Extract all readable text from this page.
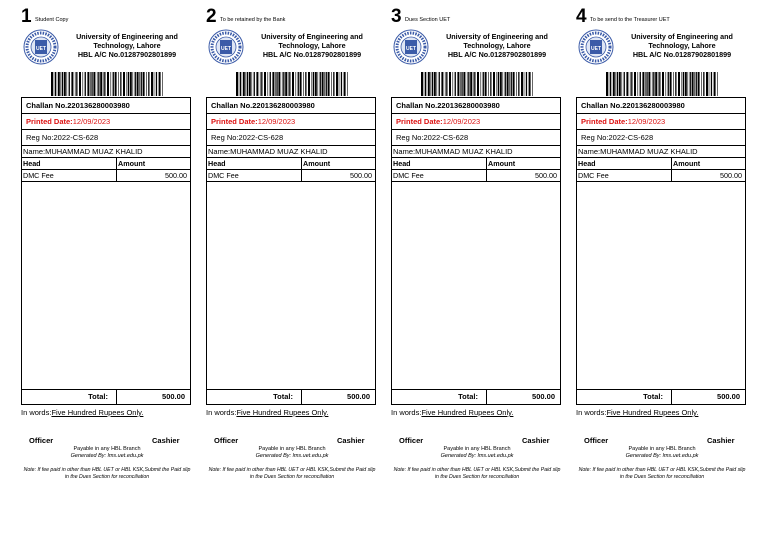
1 Student Copy
UET
University of Engineering and
Technology, Lahore
HBL A/C No.01287902801899
Challan No.220136280003980
Printed Date:12/09/2023
Reg No:2022-CS-628
Name:MUHAMMAD MUAZ KHALID
Head	Amount
DMC Fee	500.00
Total:	500.00
In words:Five Hundred Rupees Only.
Officer	Cashier
Payable in any HBL Branch
Generated By: lms.uet.edu.pk
Note: If fee paid in other than HBL UET or HBL KSK,Submit the Paid slip in the Dues Section for reconciliation
2 To be retained by the Bank
UET
University of Engineering and
Technology, Lahore
HBL A/C No.01287902801899
Challan No.220136280003980
Printed Date:12/09/2023
Reg No:2022-CS-628
Name:MUHAMMAD MUAZ KHALID
Head	Amount
DMC Fee	500.00
Total:	500.00
In words:Five Hundred Rupees Only.
Officer	Cashier
Payable in any HBL Branch
Generated By: lms.uet.edu.pk
Note: If fee paid in other than HBL UET or HBL KSK,Submit the Paid slip in the Dues Section for reconciliation
3 Dues Section UET
UET
University of Engineering and
Technology, Lahore
HBL A/C No.01287902801899
Challan No.220136280003980
Printed Date:12/09/2023
Reg No:2022-CS-628
Name:MUHAMMAD MUAZ KHALID
Head	Amount
DMC Fee	500.00
Total:	500.00
In words:Five Hundred Rupees Only.
Officer	Cashier
Payable in any HBL Branch
Generated By: lms.uet.edu.pk
Note: If fee paid in other than HBL UET or HBL KSK,Submit the Paid slip in the Dues Section for reconciliation
4 To be send to the Treasurer UET
UET
University of Engineering and
Technology, Lahore
HBL A/C No.01287902801899
Challan No.220136280003980
Printed Date:12/09/2023
Reg No:2022-CS-628
Name:MUHAMMAD MUAZ KHALID
Head	Amount
DMC Fee	500.00
Total:	500.00
In words:Five Hundred Rupees Only.
Officer	Cashier
Payable in any HBL Branch
Generated By: lms.uet.edu.pk
Note: If fee paid in other than HBL UET or HBL KSK,Submit the Paid slip in the Dues Section for reconciliation
